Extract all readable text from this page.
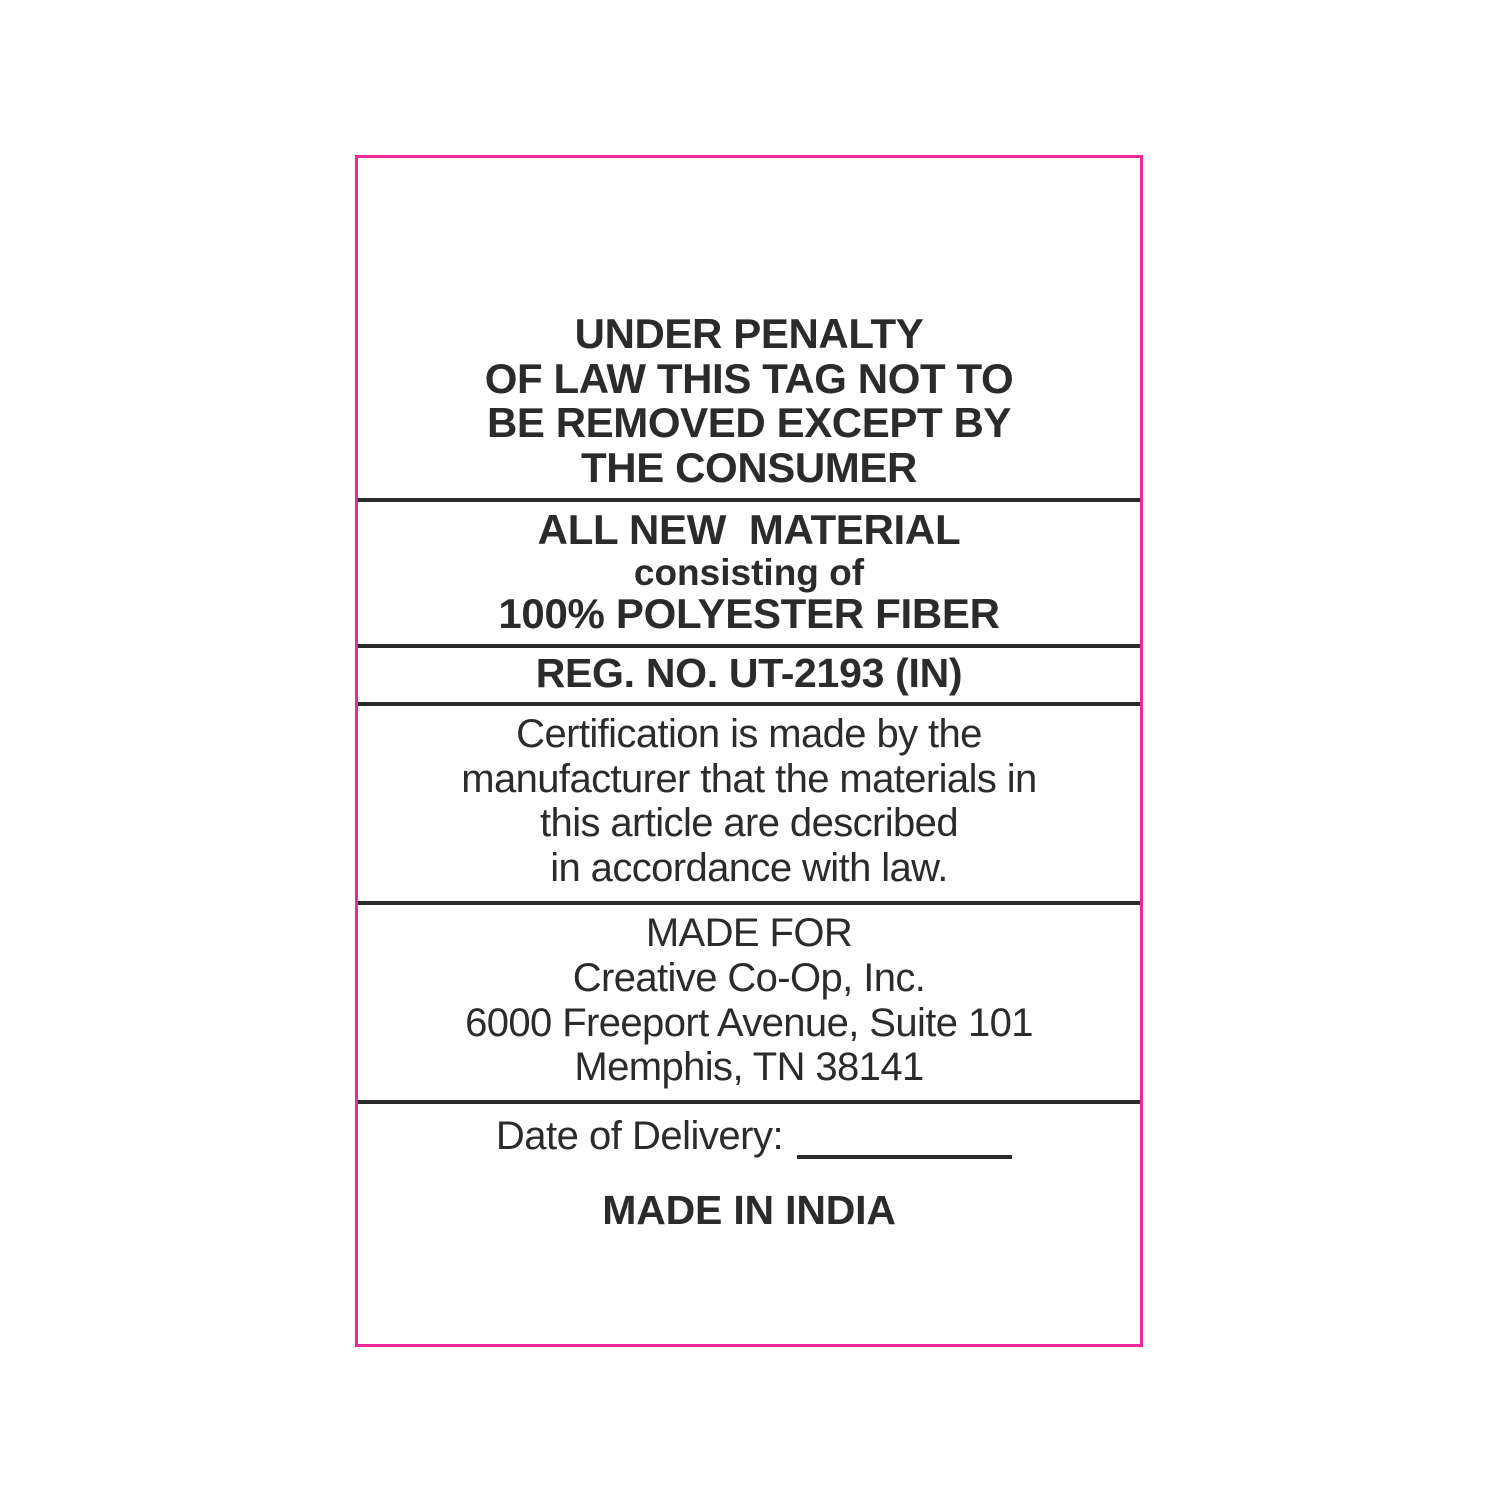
UNDER PENALTY
OF LAW THIS TAG NOT TO
BE REMOVED EXCEPT BY
THE CONSUMER
ALL NEW  MATERIAL
consisting of
100% POLYESTER FIBER
REG. NO. UT-2193 (IN)
Certification is made by the
manufacturer that the materials in
this article are described
in accordance with law.
MADE FOR
Creative Co-Op, Inc.
6000 Freeport Avenue, Suite 101
Memphis, TN 38141
Date of Delivery:
MADE IN INDIA
